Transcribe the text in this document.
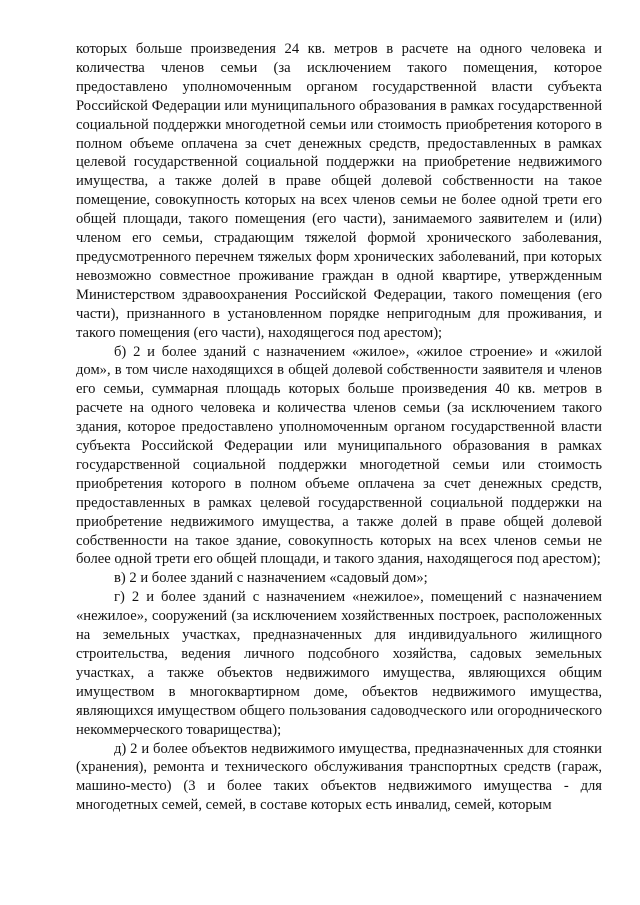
которых больше произведения 24 кв. метров в расчете на одного человека и количества членов семьи (за исключением такого помещения, которое предоставлено уполномоченным органом государственной власти субъекта Российской Федерации или муниципального образования в рамках государственной социальной поддержки многодетной семьи или стоимость приобретения которого в полном объеме оплачена за счет денежных средств, предоставленных в рамках целевой государственной социальной поддержки на приобретение недвижимого имущества, а также долей в праве общей долевой собственности на такое помещение, совокупность которых на всех членов семьи не более одной трети его общей площади, такого помещения (его части), занимаемого заявителем и (или) членом его семьи, страдающим тяжелой формой хронического заболевания, предусмотренного перечнем тяжелых форм хронических заболеваний, при которых невозможно совместное проживание граждан в одной квартире, утвержденным Министерством здравоохранения Российской Федерации, такого помещения (его части), признанного в установленном порядке непригодным для проживания, и такого помещения (его части), находящегося под арестом);

б) 2 и более зданий с назначением «жилое», «жилое строение» и «жилой дом», в том числе находящихся в общей долевой собственности заявителя и членов его семьи, суммарная площадь которых больше произведения 40 кв. метров в расчете на одного человека и количества членов семьи (за исключением такого здания, которое предоставлено уполномоченным органом государственной власти субъекта Российской Федерации или муниципального образования в рамках государственной социальной поддержки многодетной семьи или стоимость приобретения которого в полном объеме оплачена за счет денежных средств, предоставленных в рамках целевой государственной социальной поддержки на приобретение недвижимого имущества, а также долей в праве общей долевой собственности на такое здание, совокупность которых на всех членов семьи не более одной трети его общей площади, и такого здания, находящегося под арестом);

в) 2 и более зданий с назначением «садовый дом»;

г) 2 и более зданий с назначением «нежилое», помещений с назначением «нежилое», сооружений (за исключением хозяйственных построек, расположенных на земельных участках, предназначенных для индивидуального жилищного строительства, ведения личного подсобного хозяйства, садовых земельных участках, а также объектов недвижимого имущества, являющихся общим имуществом в многоквартирном доме, объектов недвижимого имущества, являющихся имуществом общего пользования садоводческого или огороднического некоммерческого товарищества);

д) 2 и более объектов недвижимого имущества, предназначенных для стоянки (хранения), ремонта и технического обслуживания транспортных средств (гараж, машино-место) (3 и более таких объектов недвижимого имущества - для многодетных семей, семей, в составе которых есть инвалид, семей, которым
